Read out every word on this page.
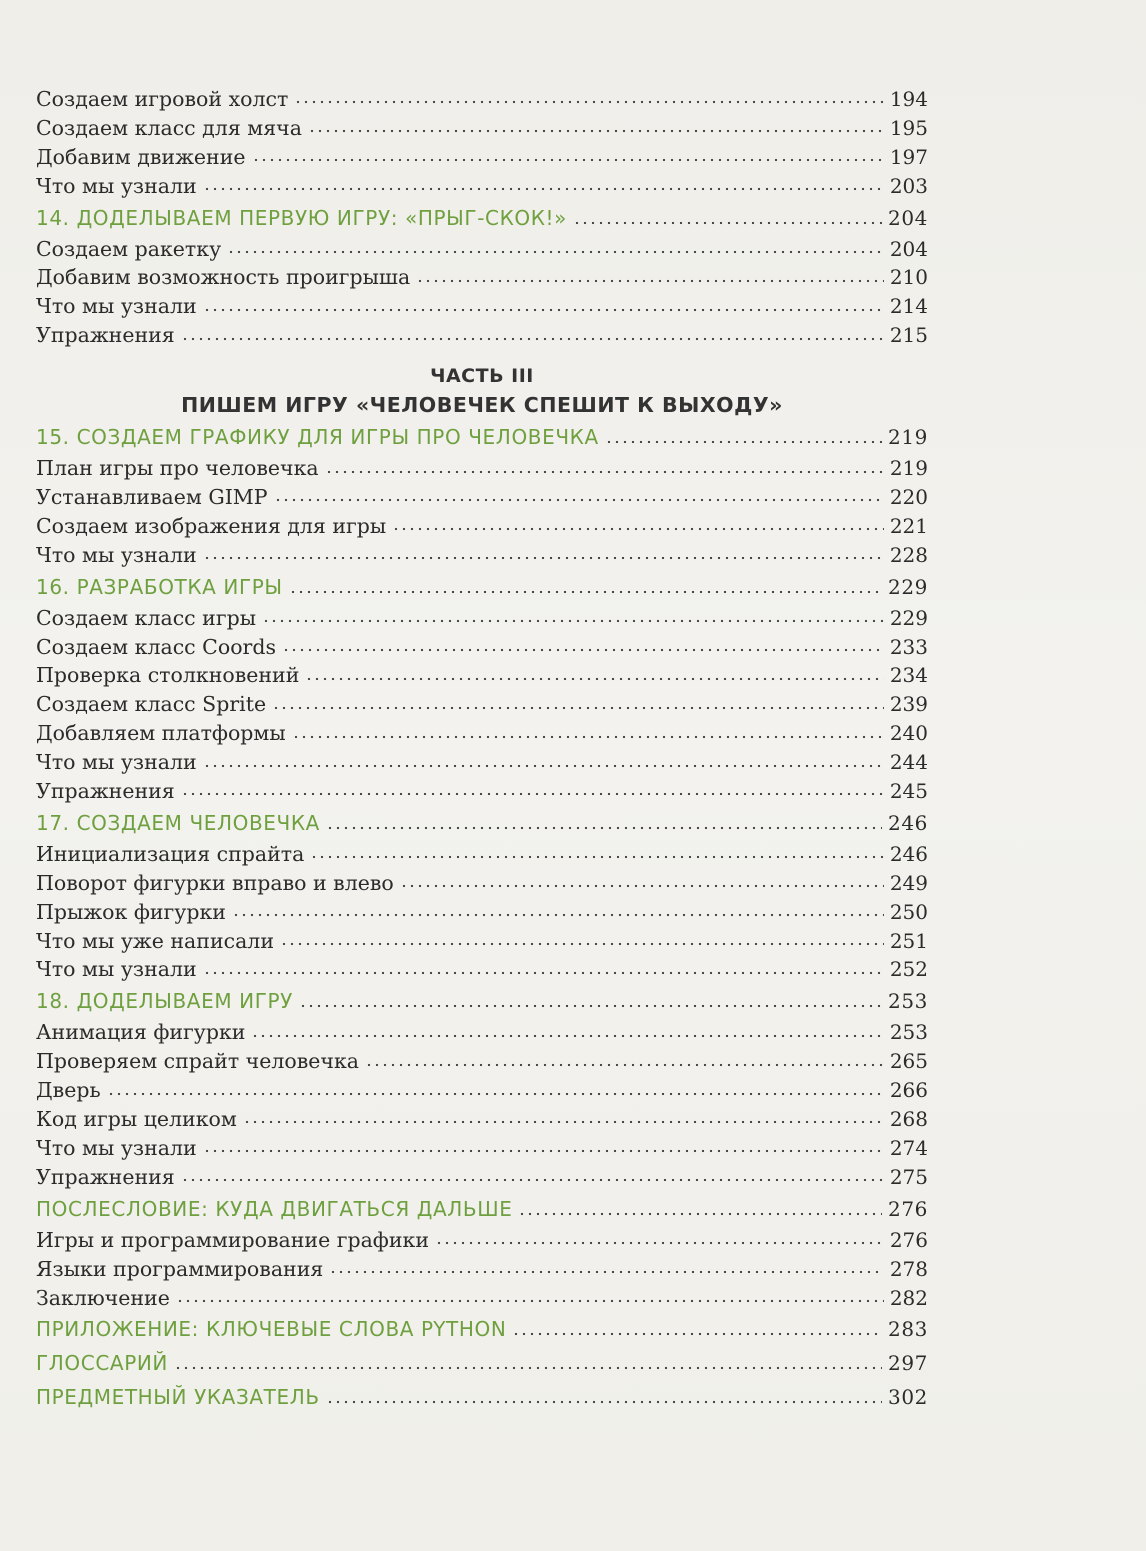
Создаем игровой холст	194
Создаем класс для мяча	195
Добавим движение	197
Что мы узнали	203
14. ДОДЕЛЫВАЕМ ПЕРВУЮ ИГРУ: «ПРЫГ-СКОК!»	204
Создаем ракетку	204
Добавим возможность проигрыша	210
Что мы узнали	214
Упражнения	215
ЧАСТЬ III
ПИШЕМ ИГРУ «ЧЕЛОВЕЧЕК СПЕШИТ К ВЫХОДУ»
15. СОЗДАЕМ ГРАФИКУ ДЛЯ ИГРЫ ПРО ЧЕЛОВЕЧКА	219
План игры про человечка	219
Устанавливаем GIMP	220
Создаем изображения для игры	221
Что мы узнали	228
16. РАЗРАБОТКА ИГРЫ	229
Создаем класс игры	229
Создаем класс Coords	233
Проверка столкновений	234
Создаем класс Sprite	239
Добавляем платформы	240
Что мы узнали	244
Упражнения	245
17. СОЗДАЕМ ЧЕЛОВЕЧКА	246
Инициализация спрайта	246
Поворот фигурки вправо и влево	249
Прыжок фигурки	250
Что мы уже написали	251
Что мы узнали	252
18. ДОДЕЛЫВАЕМ ИГРУ	253
Анимация фигурки	253
Проверяем спрайт человечка	265
Дверь	266
Код игры целиком	268
Что мы узнали	274
Упражнения	275
ПОСЛЕСЛОВИЕ: КУДА ДВИГАТЬСЯ ДАЛЬШЕ	276
Игры и программирование графики	276
Языки программирования	278
Заключение	282
ПРИЛОЖЕНИЕ: КЛЮЧЕВЫЕ СЛОВА PYTHON	283
ГЛОССАРИЙ	297
ПРЕДМЕТНЫЙ УКАЗАТЕЛЬ	302
